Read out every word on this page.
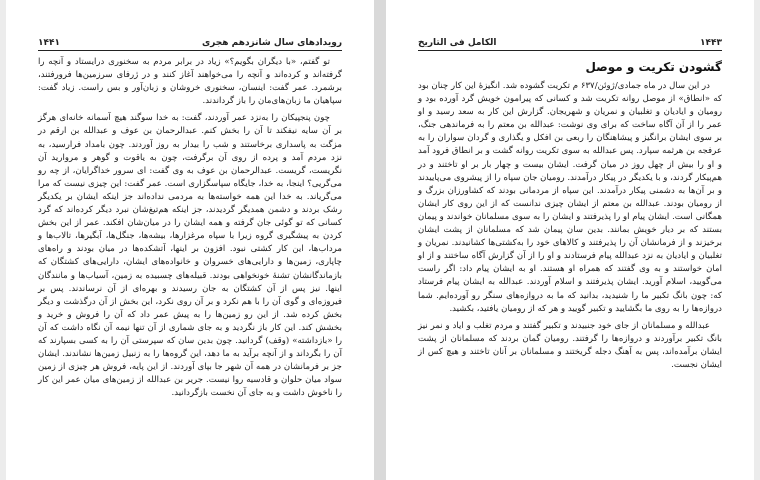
۱۴۴۱	رویدادهای سال شانزدهم هجری

تو گفتم، «با دیگران بگویم؟» زیاد در برابر مردم به سخنوری درایستاد و آنچه را گرفته‌اند و کرده‌اند و آنچه را می‌خواهند آغاز کنند و در ژرفای سرزمین‌ها فرورفتند، برشمرد. عمر گفت: اینسان، سخنوری خروشان و زبان‌آور و بس راست. زیاد گفت: سپاهیان ما زبان‌های‌مان را باز گرداندند.

چون پنجپیکان را به‌نزد عمر آوردند، گفت: به خدا سوگند هیچ آسمانه خانه‌ای هرگز بر آن سایه نیفکند تا آن را بخش کنم. عبدالرحمان بن عوف و عبدالله بن ارقم در مزگت به پاسداری برخاستند و شب را بیدار به روز آوردند. چون بامداد فرارسید، به نزد مردم آمد و پرده از روی آن برگرفت، چون به یاقوت و گوهر و مروارید آن نگریست، گریست. عبدالرحمان بن عوف به وی گفت: ای سرور خداگرایان، از چه رو می‌گریی؟ اینجا، به خدا، جایگاه سپاسگزاری است. عمر گفت: این چیزی نیست که مرا می‌گریاند. به خدا این همه خواسته‌ها به مردمی نداده‌اند جز اینکه ایشان بر یکدیگر رشک بردند و دشمن همدیگر گردیدند، جز اینکه هم‌تیغ‌شان نبرد دیگر کرده‌اند که گرد کسانی که تو گوئی جان گرفته و همه ایشان را در میان‌شان افکند. عمر از این بخش کردن به پیشگیری گروه زیرا با سپاه مرغزارها، بیشه‌ها، جنگل‌ها، آبگیرها، تالاب‌ها و مرداب‌ها، این کار کشتی نبود. افزون بر اینها، آتشکده‌ها در میان بودند و راه‌های چاپاری، زمین‌ها و دارایی‌های خسروان و خانواده‌های ایشان، دارایی‌های کشتگان که بازماندگانشان تشنهٔ خونخواهی بودند. قبیله‌های چسبیده به زمین، آسیاب‌ها و مانندگان اینها. نیز پس از آن کشتگان به جان رسیدند و بهره‌ای از آن نرساندند. پس بر فیروزه‌ای و گوی آن را با هم نکرد و بر آن روی نکرد، این بخش از آن درگذشت و دیگر بخش کرده شد. از این رو زمین‌ها را به پیش عمر داد که آن را فروش و خرید و بخشش کند. این کار باز نگردید و به جای شماری از آن تنها نیمه آن نگاه داشت که آن را «بازداشته» (وقف) گردانید. چون بدین سان که سپرستی آن را به کسی بسپارند که آن را بگرداند و از آنچه برآید به ما دهد، این گروه‌ها را به زنبیل زمین‌ها نشاندند. ایشان جز بر فرمانشان در همه آن شهر جا بپای آوردند. از این پایه، فروش هر چیزی از زمین سواد میان حلوان و قادسیه روا نیست. جریر بن عبدالله از زمین‌های میان عمر این کار را ناخوش داشت و به جای آن نخست بازگردانید.

الکامل فی التاریخ	۱۴۴۳
گشودن تکریت و موصل

در این سال در ماه جمادی/ژوئن/۶۳۷ م تکریت گشوده شد. انگیزهٔ این کار چنان بود که «انطاق» از موصل روانه تکریت شد و کسانی که پیرامون خویش گرد آورده بود و رومیان و ایادیان و تغلبیان و نمریان و شهریجان. گزارش این کار به سعد رسید و او عمر را از آن آگاه ساخت که برای وی نوشت: عبدالله بن معتم را به فرماندهی جنگ، بر سوی ایشان برانگیز و پیشاهنگان را ربعی بن افکل و یگذاری و گردان سواران را به عرفجه بن هرثمه سپارد. پس عبدالله به سوی تکریت روانه گشت و بر انطاق فرود آمد و او را بیش از چهل روز در میان گرفت. ایشان بیست و چهار بار بر او تاختند و در هم‌پیکار گردند، و با یکدیگر در پیکار درآمدند. رومیان جان سپاه را از پیشروی می‌پاییدند و بر آن‌ها به دشمنی پیکار درآمدند. این سپاه از مردمانی بودند که کشاورزان بزرگ و از رومیان بودند. عبدالله بن معتم از ایشان چیزی ندانست که از این روی کار ایشان همگانی است. ایشان پیام او را پذیرفتند و ایشان را به سوی مسلمانان خواندند و پیمان بستند که بر دیار خویش بمانند. بدین سان پیمان شد که مسلمانان از پشت ایشان برخیزند و از فرمانشان آن را پذیرفتند و کالاهای خود را به‌کشتی‌ها کشانیدند. نمریان و تغلبیان و ایادیان به نزد عبدالله پیام فرستادند و او را از آن گزارش آگاه ساختند و از او امان خواستند و به وی گفتند که همراه او هستند. او به ایشان پیام داد: اگر راست می‌گویید، اسلام آورید. ایشان پذیرفتند و اسلام آوردند. عبدالله به ایشان پیام فرستاد که: چون بانگ تکبیر ما را شنیدید، بدانید که ما به دروازه‌های سنگر رو آورده‌ایم. شما دروازه‌ها را به روی ما بگشایید و تکبیر گویید و هر که از رومیان یافتید، بکشید.

عبدالله و مسلمانان از جای خود جنبیدند و تکبیر گفتند و مردم تغلب و ایاد و نمر نیز بانگ تکبیر برآوردند و دروازه‌ها را گرفتند. رومیان گمان بردند که مسلمانان از پشت ایشان برآمده‌اند، پس به آهنگ دجله گریختند و مسلمانان بر آنان تاختند و هیچ کس از ایشان نجست.
